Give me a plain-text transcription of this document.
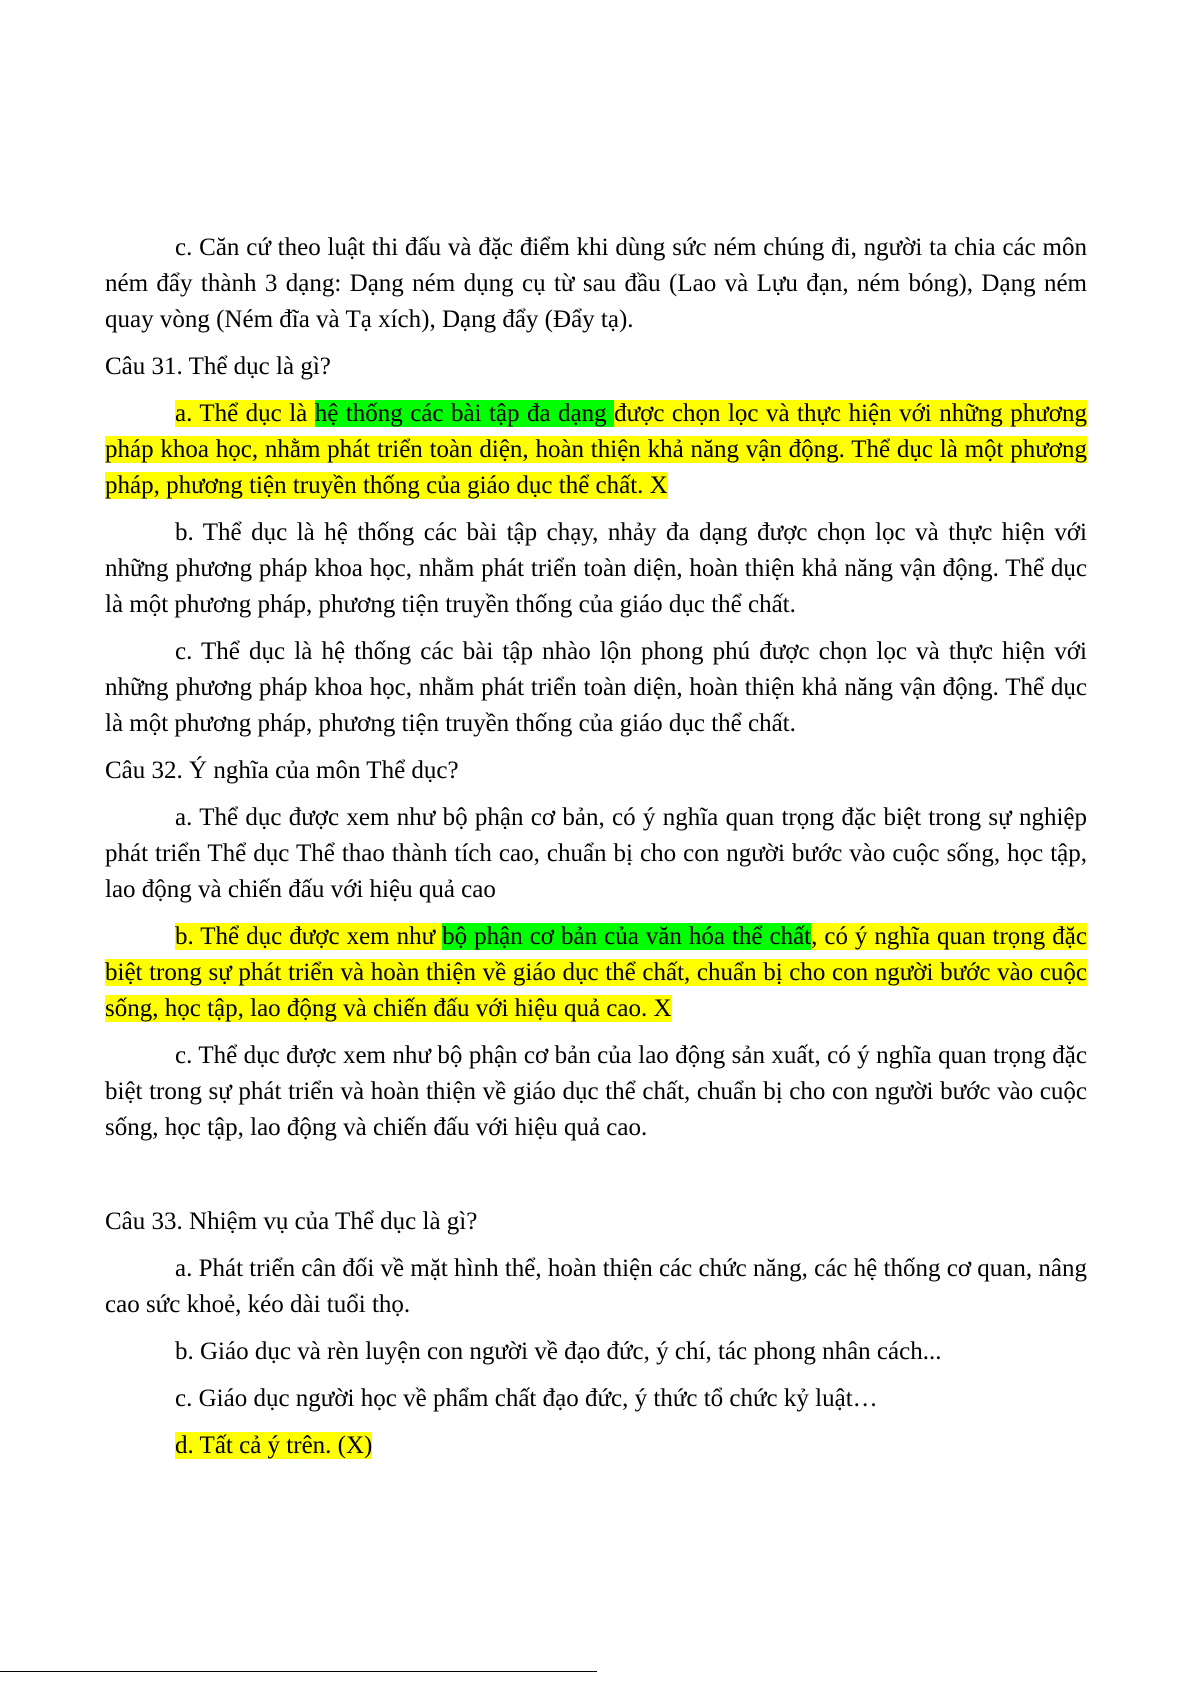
c. Căn cứ theo luật thi đấu và đặc điểm khi dùng sức ném chúng đi, người ta chia các môn ném đẩy thành 3 dạng: Dạng ném dụng cụ từ sau đầu (Lao và Lựu đạn, ném bóng), Dạng ném quay vòng (Ném đĩa và Tạ xích), Dạng đẩy (Đẩy tạ).

Câu 31. Thể dục là gì?

a. Thể dục là hệ thống các bài tập đa dạng được chọn lọc và thực hiện với những phương pháp khoa học, nhằm phát triển toàn diện, hoàn thiện khả năng vận động. Thể dục là một phương pháp, phương tiện truyền thống của giáo dục thể chất. X

b. Thể dục là hệ thống các bài tập chạy, nhảy đa dạng được chọn lọc và thực hiện với những phương pháp khoa học, nhằm phát triển toàn diện, hoàn thiện khả năng vận động. Thể dục là một phương pháp, phương tiện truyền thống của giáo dục thể chất.

c. Thể dục là hệ thống các bài tập nhào lộn phong phú được chọn lọc và thực hiện với những phương pháp khoa học, nhằm phát triển toàn diện, hoàn thiện khả năng vận động. Thể dục là một phương pháp, phương tiện truyền thống của giáo dục thể chất.

Câu 32. Ý nghĩa của môn Thể dục?

a. Thể dục được xem như bộ phận cơ bản, có ý nghĩa quan trọng đặc biệt trong sự nghiệp phát triển Thể dục Thể thao thành tích cao, chuẩn bị cho con người bước vào cuộc sống, học tập, lao động và chiến đấu với hiệu quả cao

b. Thể dục được xem như bộ phận cơ bản của văn hóa thể chất, có ý nghĩa quan trọng đặc biệt trong sự phát triển và hoàn thiện về giáo dục thể chất, chuẩn bị cho con người bước vào cuộc sống, học tập, lao động và chiến đấu với hiệu quả cao. X

c. Thể dục được xem như bộ phận cơ bản của lao động sản xuất, có ý nghĩa quan trọng đặc biệt trong sự phát triển và hoàn thiện về giáo dục thể chất, chuẩn bị cho con người bước vào cuộc sống, học tập, lao động và chiến đấu với hiệu quả cao.

Câu 33. Nhiệm vụ của Thể dục là gì?

a. Phát triển cân đối về mặt hình thể, hoàn thiện các chức năng, các hệ thống cơ quan, nâng cao sức khoẻ, kéo dài tuổi thọ.

b. Giáo dục và rèn luyện con người về đạo đức, ý chí, tác phong nhân cách...

c. Giáo dục người học về phẩm chất đạo đức, ý thức tổ chức kỷ luật…

d. Tất cả ý trên. (X)
